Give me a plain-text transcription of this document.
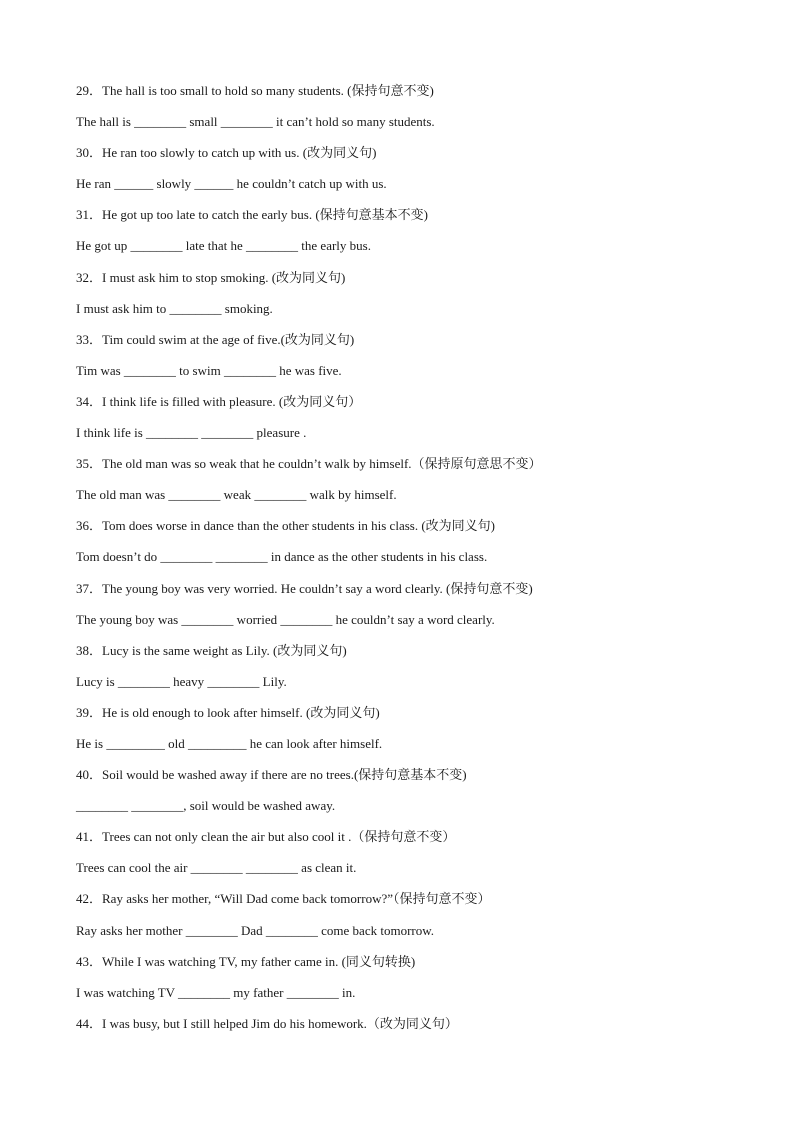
29．The hall is too small to hold so many students. (保持句意不变)
The hall is ________ small ________ it can’t hold so many students.
30．He ran too slowly to catch up with us. (改为同义句)
He ran ______ slowly ______ he couldn’t catch up with us.
31．He got up too late to catch the early bus. (保持句意基本不变)
He got up ________ late that he ________ the early bus.
32．I must ask him to stop smoking. (改为同义句)
I must ask him to ________ smoking.
33．Tim could swim at the age of five.(改为同义句)
Tim was ________ to swim ________ he was five.
34．I think life is filled with pleasure. (改为同义句）
I think life is ________ ________ pleasure .
35．The old man was so weak that he couldn’t walk by himself.（保持原句意思不变）
The old man was ________ weak ________ walk by himself.
36．Tom does worse in dance than the other students in his class. (改为同义句)
Tom doesn’t do ________ ________ in dance as the other students in his class.
37．The young boy was very worried. He couldn’t say a word clearly. (保持句意不变)
The young boy was ________ worried ________ he couldn’t say a word clearly.
38．Lucy is the same weight as Lily. (改为同义句)
Lucy is ________ heavy ________ Lily.
39．He is old enough to look after himself. (改为同义句)
He is _________ old _________ he can look after himself.
40．Soil would be washed away if there are no trees.(保持句意基本不变)
________ ________, soil would be washed away.
41．Trees can not only clean the air but also cool it .（保持句意不变）
Trees can cool the air ________ ________ as clean it.
42．Ray asks her mother, “Will Dad come back tomorrow?”（保持句意不变）
Ray asks her mother ________ Dad ________ come back tomorrow.
43．While I was watching TV, my father came in. (同义句转换)
I was watching TV ________ my father ________ in.
44．I was busy, but I still helped Jim do his homework.（改为同义句）
